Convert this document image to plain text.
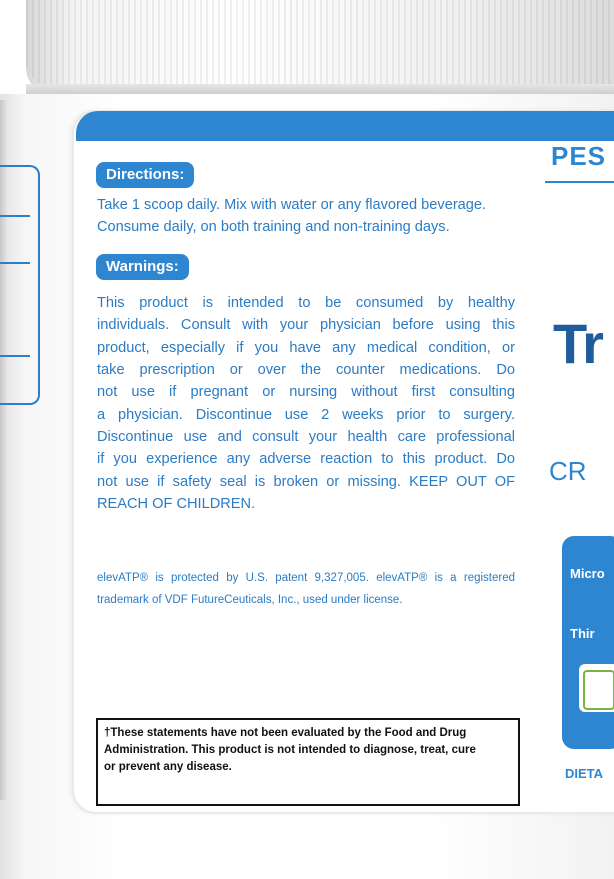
Directions:

Take 1 scoop daily. Mix with water or any flavored beverage.

Consume daily, on both training and non-training days.

Warnings:

This product is intended to be consumed by healthy

individuals. Consult with your physician before using this

product, especially if you have any medical condition, or

take prescription or over the counter medications. Do

not use if pregnant or nursing without first consulting

a physician. Discontinue use 2 weeks prior to surgery.

Discontinue use and consult your health care professional

if you experience any adverse reaction to this product. Do

not use if safety seal is broken or missing. KEEP OUT OF

REACH OF CHILDREN.

elevATP® is protected by U.S. patent 9,327,005. elevATP® is a registered
trademark of VDF FutureCeuticals, Inc., used under license.

†These statements have not been evaluated by the Food and Drug
Administration. This product is not intended to diagnose, treat, cure
or prevent any disease.

PES
Tr
CR
Micro
Thir
DIETA
